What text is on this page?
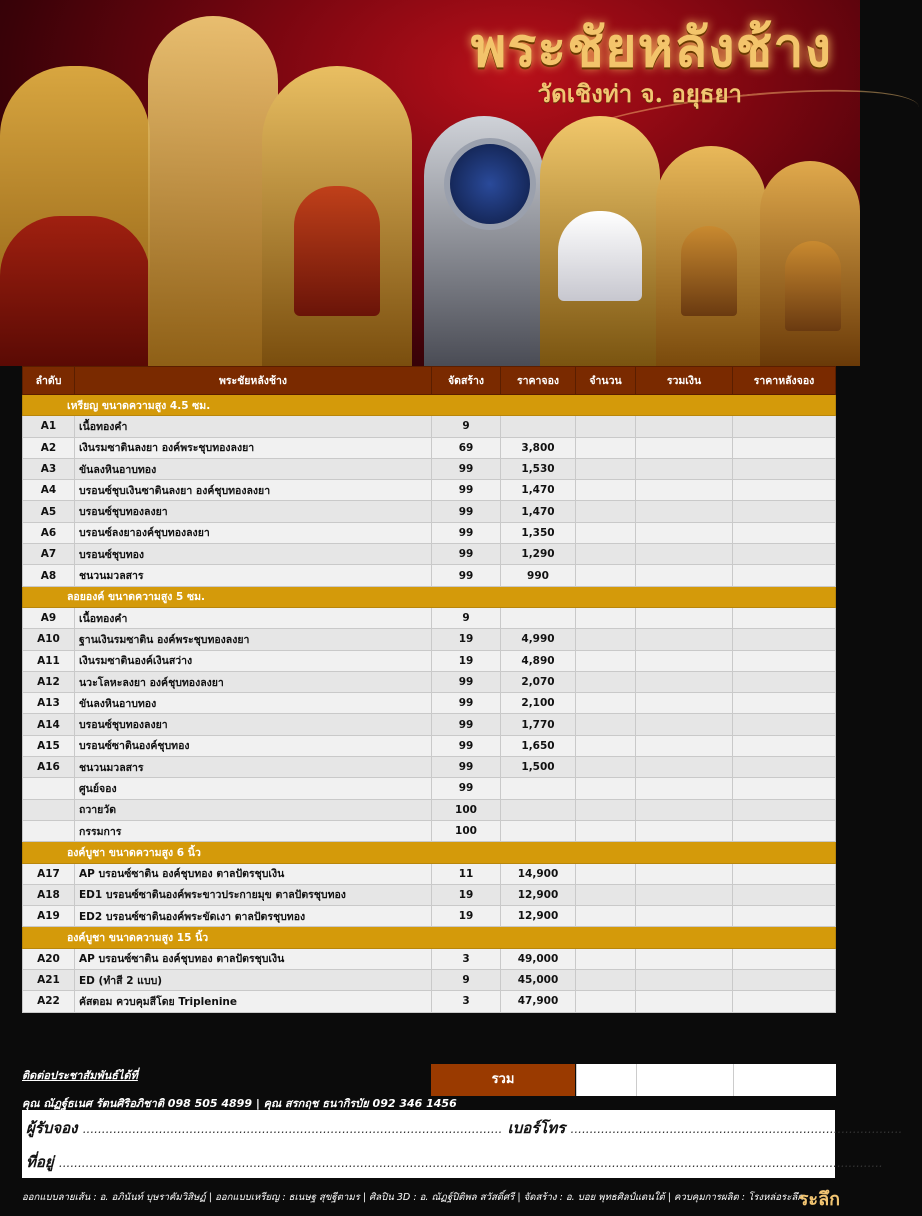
พระชัยหลังช้าง
วัดเชิงท่า จ. อยุธยา
ลำดับ	พระชัยหลังช้าง	จัดสร้าง	ราคาจอง	จำนวน	รวมเงิน	ราคาหลังจอง
เหรียญ ขนาดความสูง 4.5 ซม.						
A1	เนื้อทองคำ	9				
A2	เงินรมซาตินลงยา องค์พระชุบทองลงยา	69	3,800			
A3	ขันลงหินอาบทอง	99	1,530			
A4	บรอนซ์ชุบเงินซาตินลงยา องค์ชุบทองลงยา	99	1,470			
A5	บรอนซ์ชุบทองลงยา	99	1,470			
A6	บรอนซ์ลงยาองค์ชุบทองลงยา	99	1,350			
A7	บรอนซ์ชุบทอง	99	1,290			
A8	ชนวนมวลสาร	99	990			
ลอยองค์ ขนาดความสูง 5 ซม.						
A9	เนื้อทองคำ	9				
A10	ฐานเงินรมซาติน องค์พระชุบทองลงยา	19	4,990			
A11	เงินรมซาตินองค์เงินสว่าง	19	4,890			
A12	นวะโลหะลงยา องค์ชุบทองลงยา	99	2,070			
A13	ขันลงหินอาบทอง	99	2,100			
A14	บรอนซ์ชุบทองลงยา	99	1,770			
A15	บรอนซ์ซาตินองค์ชุบทอง	99	1,650			
A16	ชนวนมวลสาร	99	1,500			
	ศูนย์จอง	99				
	ถวายวัด	100				
	กรรมการ	100				
องค์บูชา ขนาดความสูง 6 นิ้ว						
A17	AP บรอนซ์ซาติน องค์ชุบทอง ตาลปัตรชุบเงิน	11	14,900			
A18	ED1 บรอนซ์ซาตินองค์พระขาวประกายมุข ตาลปัตรชุบทอง	19	12,900			
A19	ED2 บรอนซ์ซาตินองค์พระขัดเงา ตาลปัตรชุบทอง	19	12,900			
องค์บูชา ขนาดความสูง 15 นิ้ว						
A20	AP บรอนซ์ซาติน องค์ชุบทอง ตาลปัตรชุบเงิน	3	49,000			
A21	ED (ทำสี 2 แบบ)	9	45,000			
A22	คัสตอม ควบคุมสีโดย Triplenine	3	47,900			
ติดต่อประชาสัมพันธ์ได้ที่
คุณ ณัฏฐ์ธเนศ รัตนศิริอภิชาติ 098 505 4899 | คุณ สรกฤช ธนากิรบัย 092 346 1456
รวม
ผู้รับจอง .............................................................................................................. เบอร์โทร .......................................................................................
ที่อยู่ ........................................................................................................................................................................................................................
ออกแบบลายเส้น : อ. อภินันท์ บุษราคัมวิสิษฏ์ | ออกแบบเหรียญ : ธเนษฐ สุขฐีตามร | ศิลปิน 3D : อ. ณัฏฐ์ปิติพล สวัสดิ์ศรี | จัดสร้าง : อ. บอย พุทธศิลป์แดนใต้ | ควบคุมการผลิต : โรงหล่อระลึก
ระลึก
